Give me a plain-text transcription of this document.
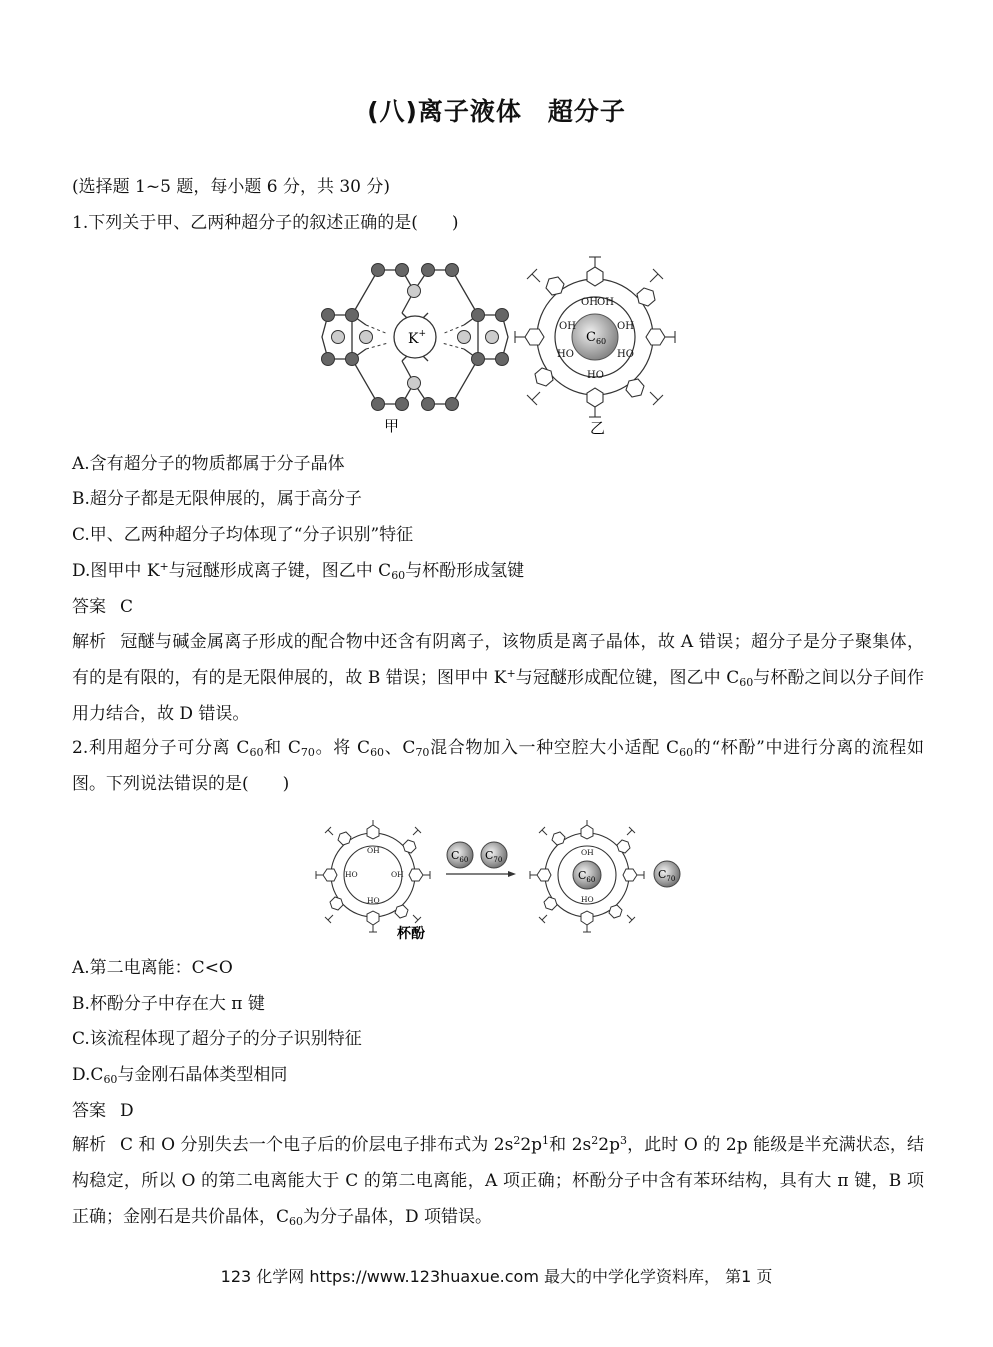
(八)离子液体　超分子
(选择题 1~5 题，每小题 6 分，共 30 分)
1.下列关于甲、乙两种超分子的叙述正确的是(　　)
K+
甲
$C_{60}$
OH OH
HO
OH	OH
HO	HO
乙
A.含有超分子的物质都属于分子晶体
B.超分子都是无限伸展的，属于高分子
C.甲、乙两种超分子均体现了“分子识别”特征
D.图甲中 K+与冠醚形成离子键，图乙中 $C_{60}$与杯酚形成氢键
答案 C
解析 冠醚与碱金属离子形成的配合物中还含有阴离子，该物质是离子晶体，故 A 错误；超分子是分子聚集体，有的是有限的，有的是无限伸展的，故 B 错误；图甲中 K+与冠醚形成配位键，图乙中 $C_{60}$与杯酚之间以分子间作用力结合，故 D 错误。
2.利用超分子可分离 $C_{60}$和 $C_{70}$。将 $C_{60}$、$C_{70}$混合物加入一种空腔大小适配 $C_{60}$的“杯酚”中进行分离的流程如图。下列说法错误的是(　　)
OH
HO
HO	OH
杯酚
$C_{60}$ $C_{70}$
$C_{60}$
OH
HO
$C_{70}$
A.第二电离能：C<O
B.杯酚分子中存在大 π 键
C.该流程体现了超分子的分子识别特征
$D.C_{60}$与金刚石晶体类型相同
答案 D
解析 C 和 O 分别失去一个电子后的价层电子排布式为 $2s^22p^1$和 $2s^22p^3$，此时 O 的 2p 能级是半充满状态，结构稳定，所以 O 的第二电离能大于 C 的第二电离能，A 项正确；杯酚分子中含有苯环结构，具有大 π 键，B 项正确；金刚石是共价晶体，$C_{60}$为分子晶体，D 项错误。
123 化学网 https://www.123huaxue.com 最大的中学化学资料库， 第1 页
